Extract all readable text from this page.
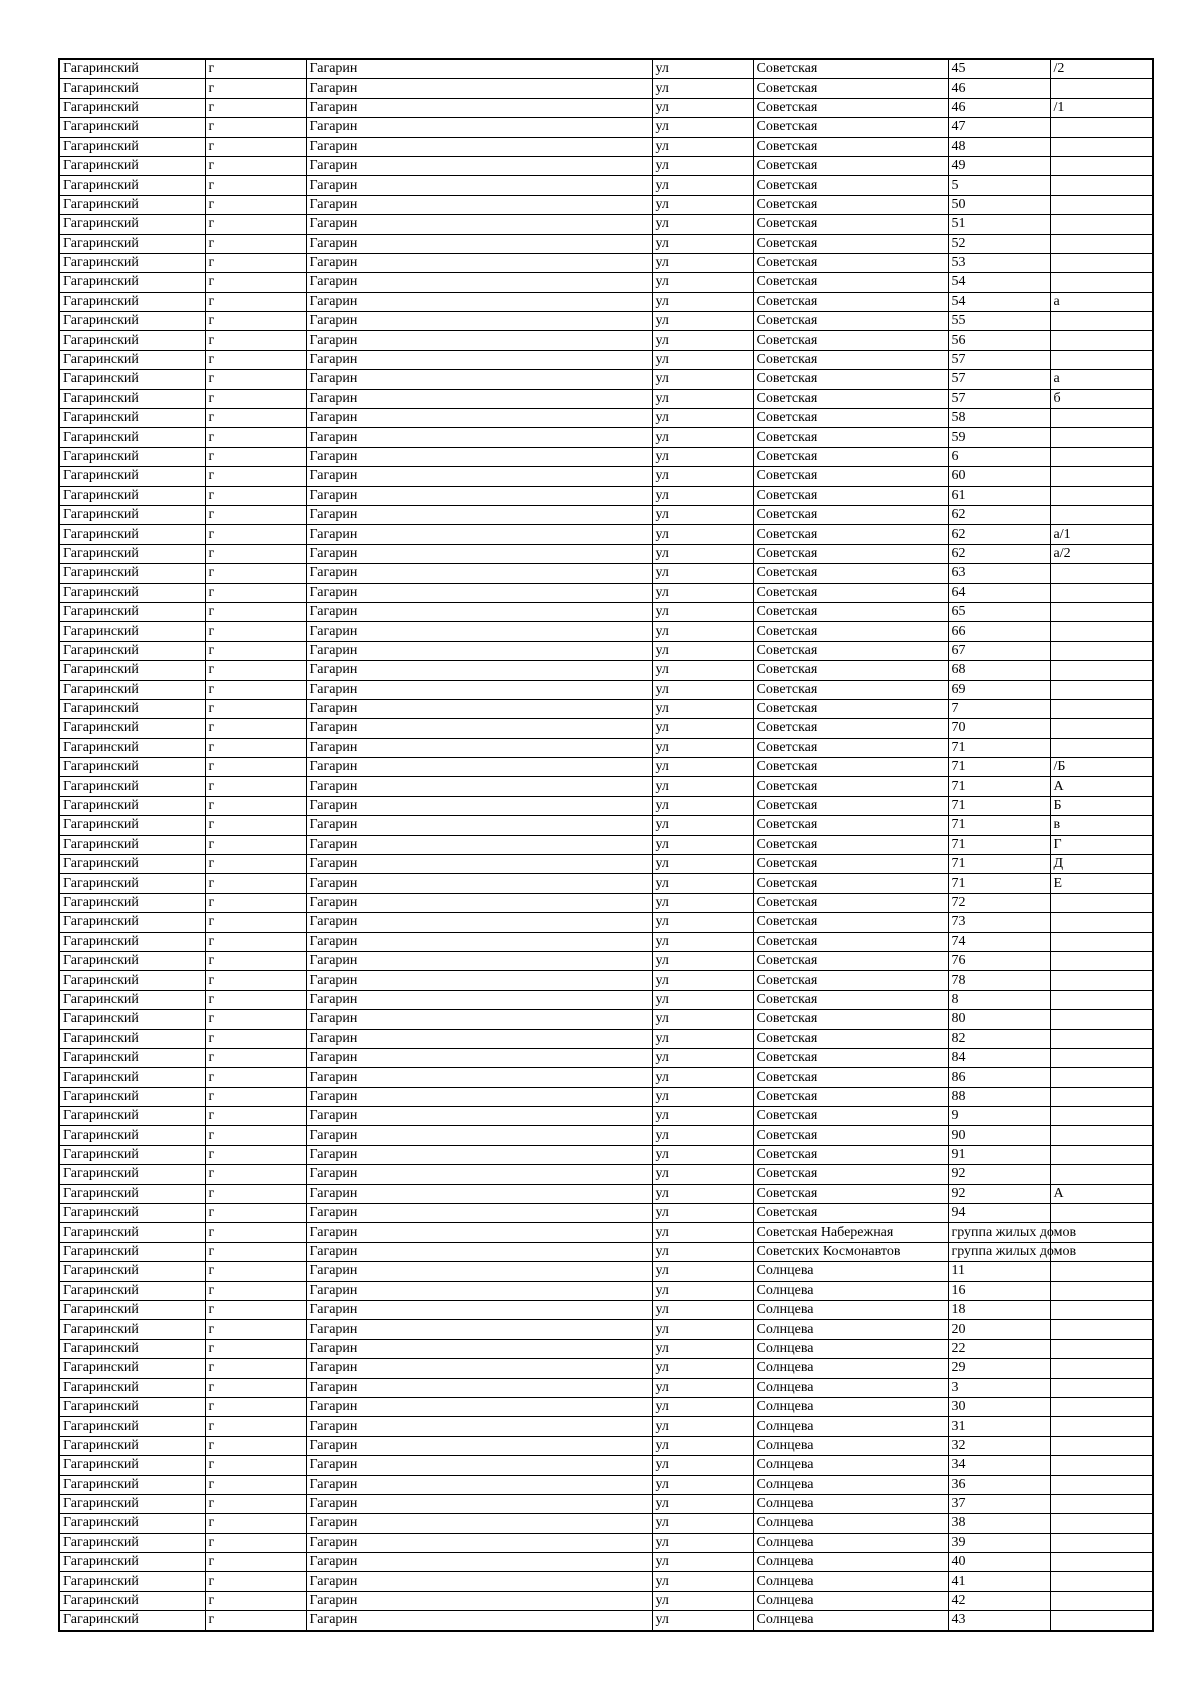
Гагаринский	г	Гагарин	ул	Советская	45	/2
Гагаринский	г	Гагарин	ул	Советская	46	
Гагаринский	г	Гагарин	ул	Советская	46	/1
Гагаринский	г	Гагарин	ул	Советская	47	
Гагаринский	г	Гагарин	ул	Советская	48	
Гагаринский	г	Гагарин	ул	Советская	49	
Гагаринский	г	Гагарин	ул	Советская	5	
Гагаринский	г	Гагарин	ул	Советская	50	
Гагаринский	г	Гагарин	ул	Советская	51	
Гагаринский	г	Гагарин	ул	Советская	52	
Гагаринский	г	Гагарин	ул	Советская	53	
Гагаринский	г	Гагарин	ул	Советская	54	
Гагаринский	г	Гагарин	ул	Советская	54	а
Гагаринский	г	Гагарин	ул	Советская	55	
Гагаринский	г	Гагарин	ул	Советская	56	
Гагаринский	г	Гагарин	ул	Советская	57	
Гагаринский	г	Гагарин	ул	Советская	57	а
Гагаринский	г	Гагарин	ул	Советская	57	б
Гагаринский	г	Гагарин	ул	Советская	58	
Гагаринский	г	Гагарин	ул	Советская	59	
Гагаринский	г	Гагарин	ул	Советская	6	
Гагаринский	г	Гагарин	ул	Советская	60	
Гагаринский	г	Гагарин	ул	Советская	61	
Гагаринский	г	Гагарин	ул	Советская	62	
Гагаринский	г	Гагарин	ул	Советская	62	а/1
Гагаринский	г	Гагарин	ул	Советская	62	а/2
Гагаринский	г	Гагарин	ул	Советская	63	
Гагаринский	г	Гагарин	ул	Советская	64	
Гагаринский	г	Гагарин	ул	Советская	65	
Гагаринский	г	Гагарин	ул	Советская	66	
Гагаринский	г	Гагарин	ул	Советская	67	
Гагаринский	г	Гагарин	ул	Советская	68	
Гагаринский	г	Гагарин	ул	Советская	69	
Гагаринский	г	Гагарин	ул	Советская	7	
Гагаринский	г	Гагарин	ул	Советская	70	
Гагаринский	г	Гагарин	ул	Советская	71	
Гагаринский	г	Гагарин	ул	Советская	71	/Б
Гагаринский	г	Гагарин	ул	Советская	71	А
Гагаринский	г	Гагарин	ул	Советская	71	Б
Гагаринский	г	Гагарин	ул	Советская	71	в
Гагаринский	г	Гагарин	ул	Советская	71	Г
Гагаринский	г	Гагарин	ул	Советская	71	Д
Гагаринский	г	Гагарин	ул	Советская	71	Е
Гагаринский	г	Гагарин	ул	Советская	72	
Гагаринский	г	Гагарин	ул	Советская	73	
Гагаринский	г	Гагарин	ул	Советская	74	
Гагаринский	г	Гагарин	ул	Советская	76	
Гагаринский	г	Гагарин	ул	Советская	78	
Гагаринский	г	Гагарин	ул	Советская	8	
Гагаринский	г	Гагарин	ул	Советская	80	
Гагаринский	г	Гагарин	ул	Советская	82	
Гагаринский	г	Гагарин	ул	Советская	84	
Гагаринский	г	Гагарин	ул	Советская	86	
Гагаринский	г	Гагарин	ул	Советская	88	
Гагаринский	г	Гагарин	ул	Советская	9	
Гагаринский	г	Гагарин	ул	Советская	90	
Гагаринский	г	Гагарин	ул	Советская	91	
Гагаринский	г	Гагарин	ул	Советская	92	
Гагаринский	г	Гагарин	ул	Советская	92	А
Гагаринский	г	Гагарин	ул	Советская	94	
Гагаринский	г	Гагарин	ул	Советская Набережная	группа жилых домов	
Гагаринский	г	Гагарин	ул	Советских Космонавтов	группа жилых домов	
Гагаринский	г	Гагарин	ул	Солнцева	11	
Гагаринский	г	Гагарин	ул	Солнцева	16	
Гагаринский	г	Гагарин	ул	Солнцева	18	
Гагаринский	г	Гагарин	ул	Солнцева	20	
Гагаринский	г	Гагарин	ул	Солнцева	22	
Гагаринский	г	Гагарин	ул	Солнцева	29	
Гагаринский	г	Гагарин	ул	Солнцева	3	
Гагаринский	г	Гагарин	ул	Солнцева	30	
Гагаринский	г	Гагарин	ул	Солнцева	31	
Гагаринский	г	Гагарин	ул	Солнцева	32	
Гагаринский	г	Гагарин	ул	Солнцева	34	
Гагаринский	г	Гагарин	ул	Солнцева	36	
Гагаринский	г	Гагарин	ул	Солнцева	37	
Гагаринский	г	Гагарин	ул	Солнцева	38	
Гагаринский	г	Гагарин	ул	Солнцева	39	
Гагаринский	г	Гагарин	ул	Солнцева	40	
Гагаринский	г	Гагарин	ул	Солнцева	41	
Гагаринский	г	Гагарин	ул	Солнцева	42	
Гагаринский	г	Гагарин	ул	Солнцева	43	
